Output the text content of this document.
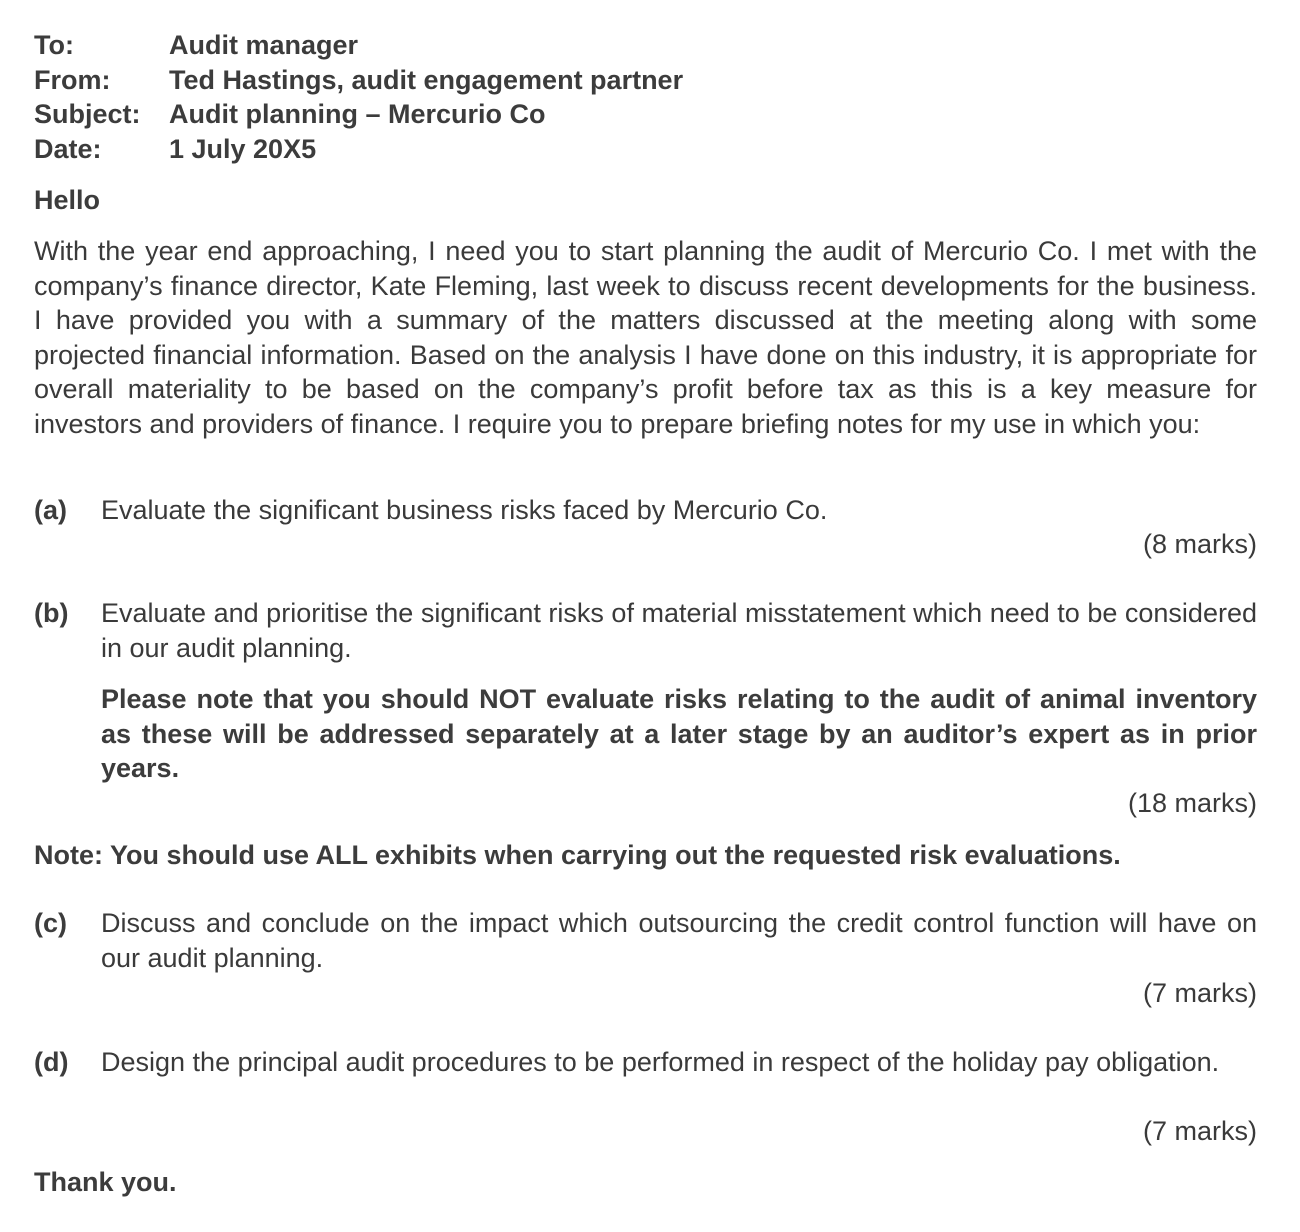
To:	Audit manager
From:	Ted Hastings, audit engagement partner
Subject:	Audit planning – Mercurio Co
Date:	1 July 20X5
Hello
With the year end approaching, I need you to start planning the audit of Mercurio Co. I met with the company’s finance director, Kate Fleming, last week to discuss recent developments for the business. I have provided you with a summary of the matters discussed at the meeting along with some projected financial information. Based on the analysis I have done on this industry, it is appropriate for overall materiality to be based on the company’s profit before tax as this is a key measure for investors and providers of finance. I require you to prepare briefing notes for my use in which you:
(a) Evaluate the significant business risks faced by Mercurio Co.
(8 marks)
(b) Evaluate and prioritise the significant risks of material misstatement which need to be considered in our audit planning.
Please note that you should NOT evaluate risks relating to the audit of animal inventory as these will be addressed separately at a later stage by an auditor’s expert as in prior years.
(18 marks)
Note: You should use ALL exhibits when carrying out the requested risk evaluations.
(c) Discuss and conclude on the impact which outsourcing the credit control function will have on our audit planning.
(7 marks)
(d) Design the principal audit procedures to be performed in respect of the holiday pay obligation.
(7 marks)
Thank you.
